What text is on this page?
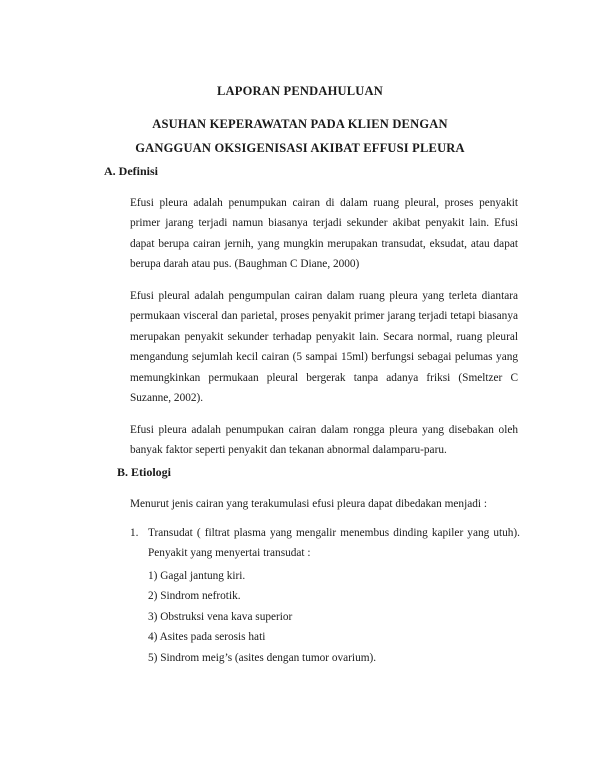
LAPORAN PENDAHULUAN
ASUHAN KEPERAWATAN PADA KLIEN DENGAN
GANGGUAN OKSIGENISASI AKIBAT EFFUSI PLEURA
A. Definisi

Efusi pleura adalah penumpukan cairan di dalam ruang pleural, proses penyakit primer jarang terjadi namun biasanya terjadi sekunder akibat penyakit lain. Efusi dapat berupa cairan jernih, yang mungkin merupakan transudat, eksudat, atau dapat berupa darah atau pus. (Baughman C Diane, 2000)

Efusi pleural adalah pengumpulan cairan dalam ruang pleura yang terleta diantara permukaan visceral dan parietal, proses penyakit primer jarang terjadi tetapi biasanya merupakan penyakit sekunder terhadap penyakit lain. Secara normal, ruang pleural mengandung sejumlah kecil cairan (5 sampai 15ml) berfungsi sebagai pelumas yang memungkinkan permukaan pleural bergerak tanpa adanya friksi (Smeltzer C Suzanne, 2002).

Efusi pleura adalah penumpukan cairan dalam rongga pleura yang disebakan oleh banyak faktor seperti penyakit dan tekanan abnormal dalamparu-paru.

B. Etiologi

Menurut jenis cairan yang terakumulasi efusi pleura dapat dibedakan menjadi :

1. Transudat ( filtrat plasma yang mengalir menembus dinding kapiler yang utuh). Penyakit yang menyertai transudat :

1) Gagal jantung kiri.
2) Sindrom nefrotik.
3) Obstruksi vena kava superior
4) Asites pada serosis hati
5) Sindrom meig’s (asites dengan tumor ovarium).
